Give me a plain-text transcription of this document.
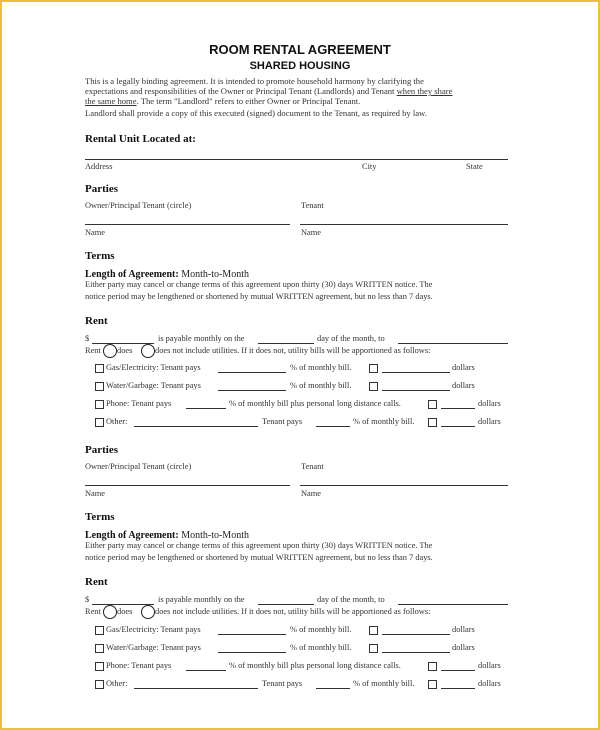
ROOM RENTAL AGREEMENT
SHARED HOUSING
This is a legally binding agreement. It is intended to promote household harmony by clarifying the
expectations and responsibilities of the Owner or Principal Tenant (Landlords) and Tenant when they share
the same home. The term "Landlord" refers to either Owner or Principal Tenant.
Landlord shall provide a copy of this executed (signed) document to the Tenant, as required by law.
Rental Unit Located at:
Address	City	State
Parties
Owner/Principal Tenant (circle)	Tenant
Name	Name
Terms
Length of Agreement: Month-to-Month
Either party may cancel or change terms of this agreement upon thirty (30) days WRITTEN notice. The
notice period may be lengthened or shortened by mutual WRITTEN agreement, but no less than 7 days.
Rent
$	is payable monthly on the	day of the month, to
Rent does	does not include utilities. If it does not, utility bills will be apportioned as follows:
Gas/Electricity: Tenant pays	% of monthly bill.	dollars
Water/Garbage: Tenant pays	% of monthly bill.	dollars
Phone: Tenant pays	% of monthly bill plus personal long distance calls.	dollars
Other:	Tenant pays	% of monthly bill.	dollars
Parties
Owner/Principal Tenant (circle)	Tenant
Name	Name
Terms
Length of Agreement: Month-to-Month
Either party may cancel or change terms of this agreement upon thirty (30) days WRITTEN notice. The
notice period may be lengthened or shortened by mutual WRITTEN agreement, but no less than 7 days.
Rent
$	is payable monthly on the	day of the month, to
Rent does	does not include utilities. If it does not, utility bills will be apportioned as follows:
Gas/Electricity: Tenant pays	% of monthly bill.	dollars
Water/Garbage: Tenant pays	% of monthly bill.	dollars
Phone: Tenant pays	% of monthly bill plus personal long distance calls.	dollars
Other:	Tenant pays	% of monthly bill.	dollars
